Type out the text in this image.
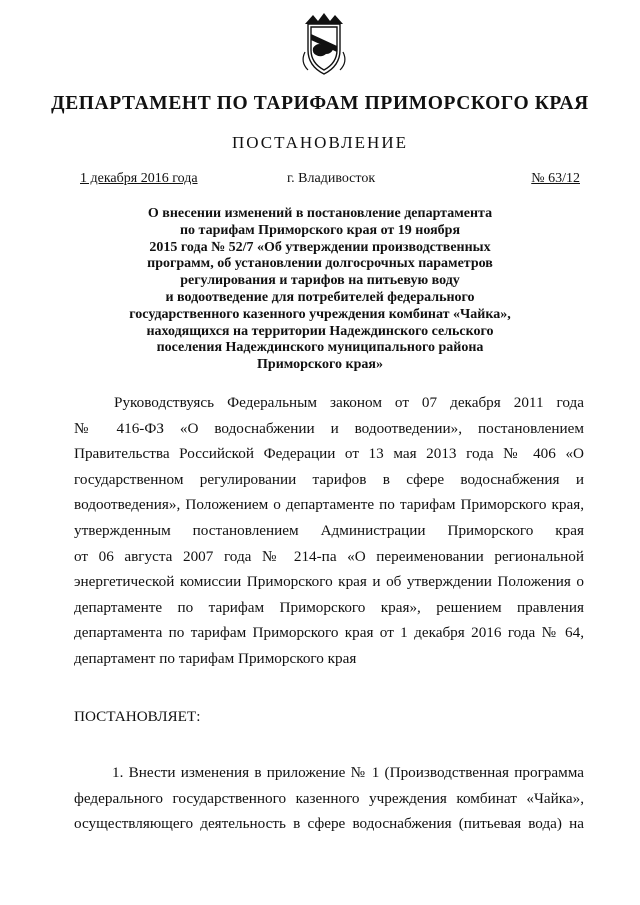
ДЕПАРТАМЕНТ ПО ТАРИФАМ ПРИМОРСКОГО КРАЯ
ПОСТАНОВЛЕНИЕ
1 декабря 2016 года	г. Владивосток	№ 63/12
О внесении изменений в постановление департамента
по тарифам Приморского края от 19 ноября
2015 года № 52/7 «Об утверждении производственных
программ, об установлении долгосрочных параметров
регулирования и тарифов на питьевую воду
и водоотведение для потребителей федерального
государственного казенного учреждения комбинат «Чайка»,
находящихся на территории Надеждинского сельского
поселения Надеждинского муниципального района
Приморского края»
Руководствуясь Федеральным законом от 07 декабря 2011 года
№ 416-ФЗ «О водоснабжении и водоотведении», постановлением
Правительства Российской Федерации от 13 мая 2013 года № 406 «О
государственном регулировании тарифов в сфере водоснабжения и
водоотведения», Положением о департаменте по тарифам Приморского края,
утвержденным постановлением Администрации Приморского края
от 06 августа 2007 года № 214-па «О переименовании региональной
энергетической комиссии Приморского края и об утверждении Положения о
департаменте по тарифам Приморского края», решением правления
департамента по тарифам Приморского края от 1 декабря 2016 года № 64,
департамент по тарифам Приморского края
ПОСТАНОВЛЯЕТ:
1. Внести изменения в приложение № 1 (Производственная программа
федерального государственного казенного учреждения комбинат «Чайка»,
осуществляющего деятельность в сфере водоснабжения (питьевая вода) на
